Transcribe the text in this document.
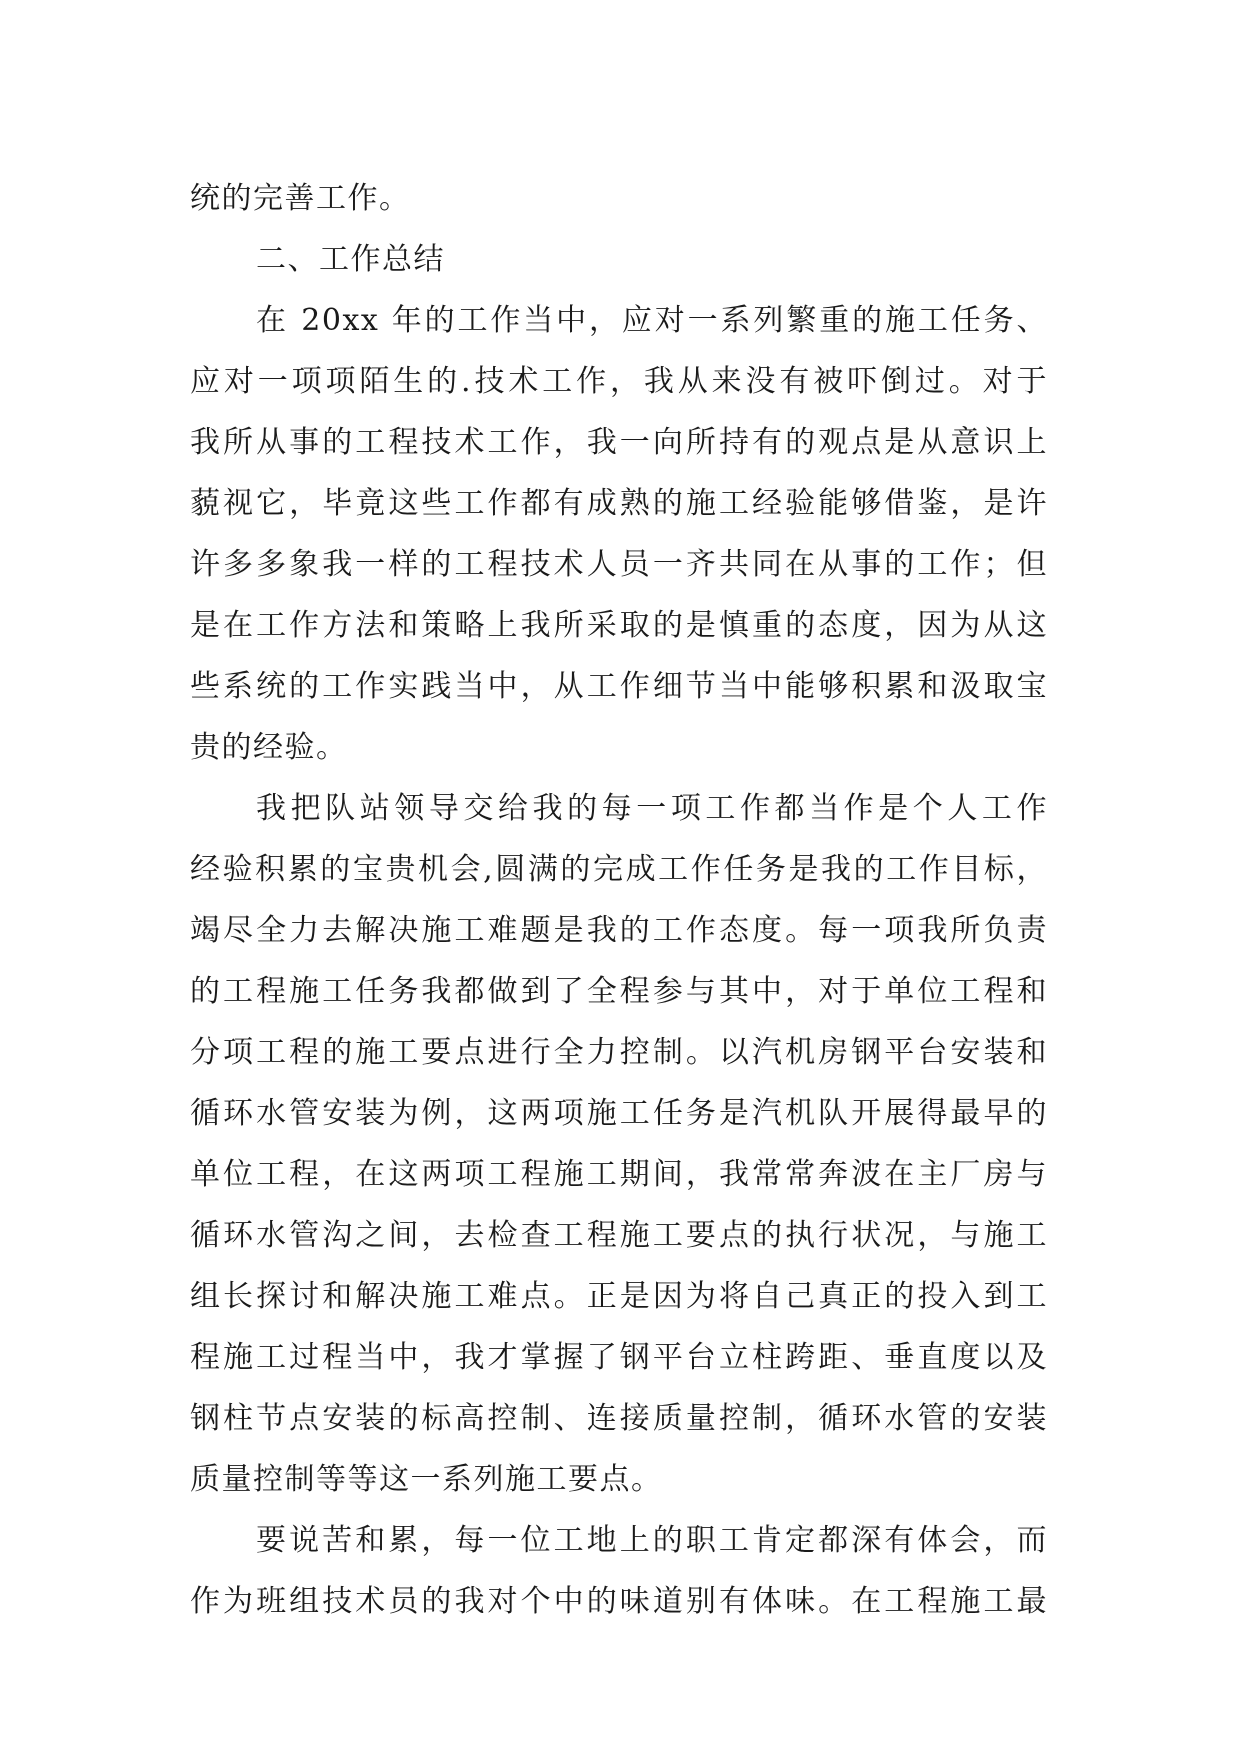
统的完善工作。
二、工作总结
在 20xx 年的工作当中，应对一系列繁重的施工任务、
应对一项项陌生的.技术工作，我从来没有被吓倒过。对于
我所从事的工程技术工作，我一向所持有的观点是从意识上
藐视它，毕竟这些工作都有成熟的施工经验能够借鉴，是许
许多多象我一样的工程技术人员一齐共同在从事的工作；但
是在工作方法和策略上我所采取的是慎重的态度，因为从这
些系统的工作实践当中，从工作细节当中能够积累和汲取宝
贵的经验。
我把队站领导交给我的每一项工作都当作是个人工作
经验积累的宝贵机会,圆满的完成工作任务是我的工作目标，
竭尽全力去解决施工难题是我的工作态度。每一项我所负责
的工程施工任务我都做到了全程参与其中，对于单位工程和
分项工程的施工要点进行全力控制。以汽机房钢平台安装和
循环水管安装为例，这两项施工任务是汽机队开展得最早的
单位工程，在这两项工程施工期间，我常常奔波在主厂房与
循环水管沟之间，去检查工程施工要点的执行状况，与施工
组长探讨和解决施工难点。正是因为将自己真正的投入到工
程施工过程当中，我才掌握了钢平台立柱跨距、垂直度以及
钢柱节点安装的标高控制、连接质量控制，循环水管的安装
质量控制等等这一系列施工要点。
要说苦和累，每一位工地上的职工肯定都深有体会，而
作为班组技术员的我对个中的味道别有体味。在工程施工最
